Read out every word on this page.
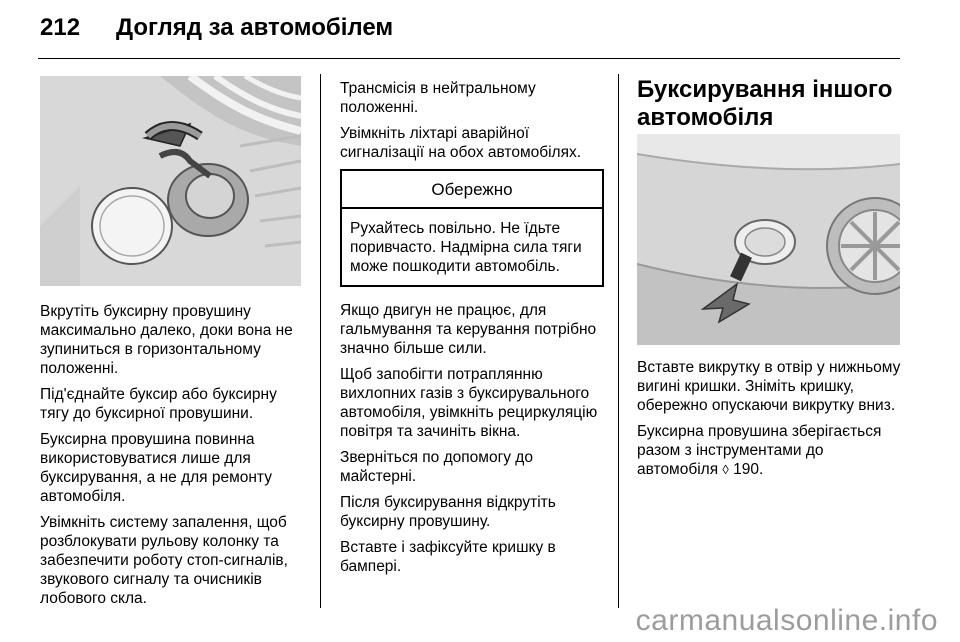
212 Догляд за автомобілем

Вкрутіть буксирну провушину максимально далеко, доки вона не зупиниться в горизонтальному положенні.

Під'єднайте буксир або буксирну тягу до буксирної провушини.

Буксирна провушина повинна використовуватися лише для буксирування, а не для ремонту автомобіля.

Увімкніть систему запалення, щоб розблокувати рульову колонку та забезпечити роботу стоп-сигналів, звукового сигналу та очисників лобового скла.

Трансмісія в нейтральному положенні.

Увімкніть ліхтарі аварійної сигналізації на обох автомобілях.

Обережно
Рухайтесь повільно. Не їдьте поривчасто. Надмірна сила тяги може пошкодити автомобіль.

Якщо двигун не працює, для гальмування та керування потрібно значно більше сили.

Щоб запобігти потраплянню вихлопних газів з буксирувального автомобіля, увімкніть рециркуляцію повітря та зачиніть вікна.

Зверніться по допомогу до майстерні.

Після буксирування відкрутіть буксирну провушину.

Вставте і зафіксуйте кришку в бампері.

Буксирування іншого автомобіля

Вставте викрутку в отвір у нижньому вигині кришки. Зніміть кришку, обережно опускаючи викрутку вниз.

Буксирна провушина зберігається разом з інструментами до автомобіля ◊ 190.

carmanualsonline.info
